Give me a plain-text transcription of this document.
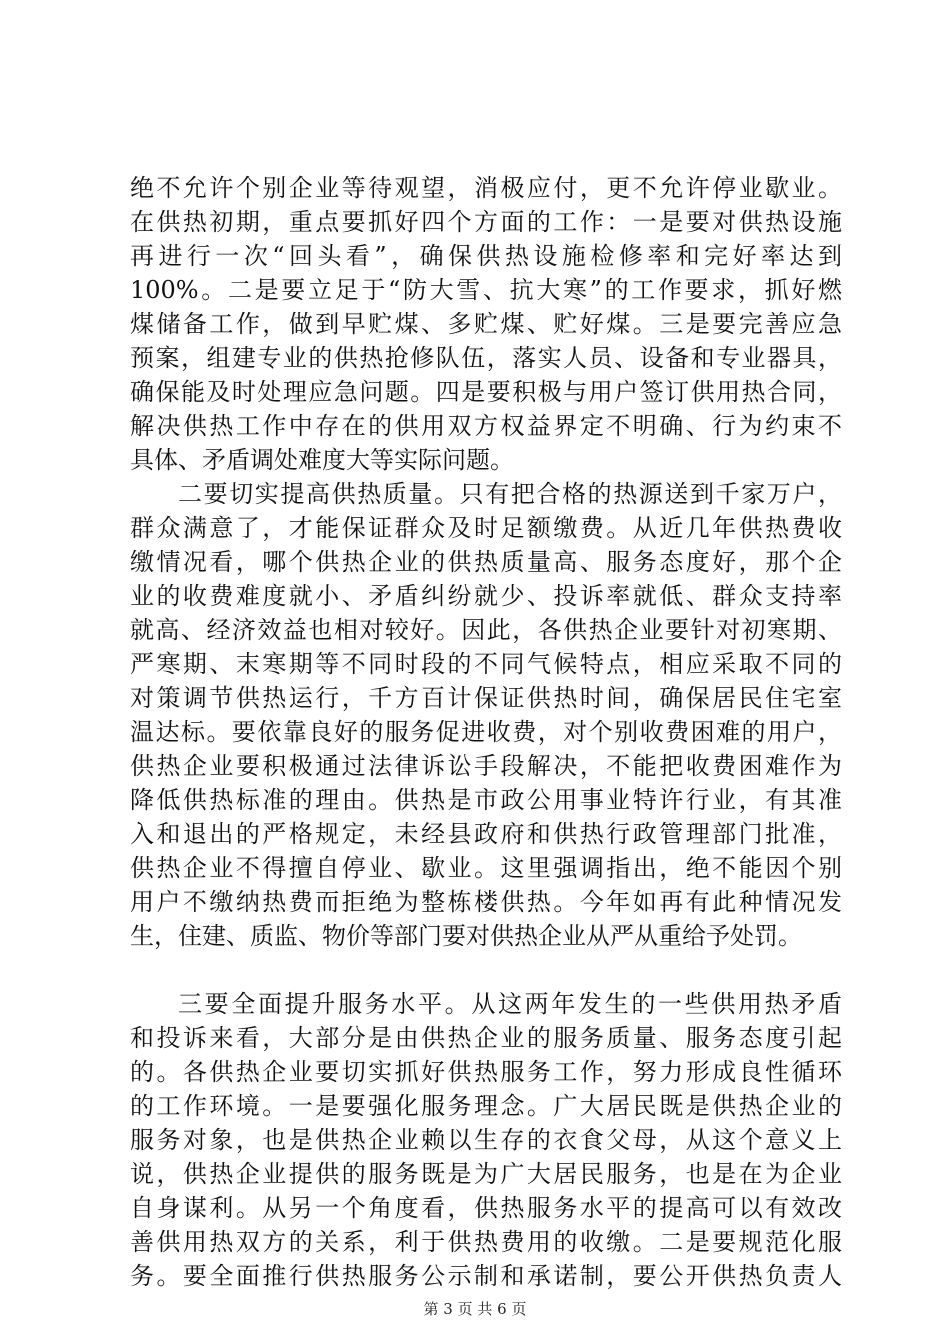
绝不允许个别企业等待观望，消极应付，更不允许停业歇业。
在供热初期，重点要抓好四个方面的工作：一是要对供热设施
再进行一次“回头看”，确保供热设施检修率和完好率达到
100%。二是要立足于“防大雪、抗大寒”的工作要求，抓好燃
煤储备工作，做到早贮煤、多贮煤、贮好煤。三是要完善应急
预案，组建专业的供热抢修队伍，落实人员、设备和专业器具，
确保能及时处理应急问题。四是要积极与用户签订供用热合同，
解决供热工作中存在的供用双方权益界定不明确、行为约束不
具体、矛盾调处难度大等实际问题。
二要切实提高供热质量。只有把合格的热源送到千家万户，
群众满意了，才能保证群众及时足额缴费。从近几年供热费收
缴情况看，哪个供热企业的供热质量高、服务态度好，那个企
业的收费难度就小、矛盾纠纷就少、投诉率就低、群众支持率
就高、经济效益也相对较好。因此，各供热企业要针对初寒期、
严寒期、末寒期等不同时段的不同气候特点，相应采取不同的
对策调节供热运行，千方百计保证供热时间，确保居民住宅室
温达标。要依靠良好的服务促进收费，对个别收费困难的用户，
供热企业要积极通过法律诉讼手段解决，不能把收费困难作为
降低供热标准的理由。供热是市政公用事业特许行业，有其准
入和退出的严格规定，未经县政府和供热行政管理部门批准，
供热企业不得擅自停业、歇业。这里强调指出，绝不能因个别
用户不缴纳热费而拒绝为整栋楼供热。今年如再有此种情况发
生，住建、质监、物价等部门要对供热企业从严从重给予处罚。
三要全面提升服务水平。从这两年发生的一些供用热矛盾
和投诉来看，大部分是由供热企业的服务质量、服务态度引起
的。各供热企业要切实抓好供热服务工作，努力形成良性循环
的工作环境。一是要强化服务理念。广大居民既是供热企业的
服务对象，也是供热企业赖以生存的衣食父母，从这个意义上
说，供热企业提供的服务既是为广大居民服务，也是在为企业
自身谋利。从另一个角度看，供热服务水平的提高可以有效改
善供用热双方的关系，利于供热费用的收缴。二是要规范化服
务。要全面推行供热服务公示制和承诺制，要公开供热负责人
第 3 页 共 6 页
